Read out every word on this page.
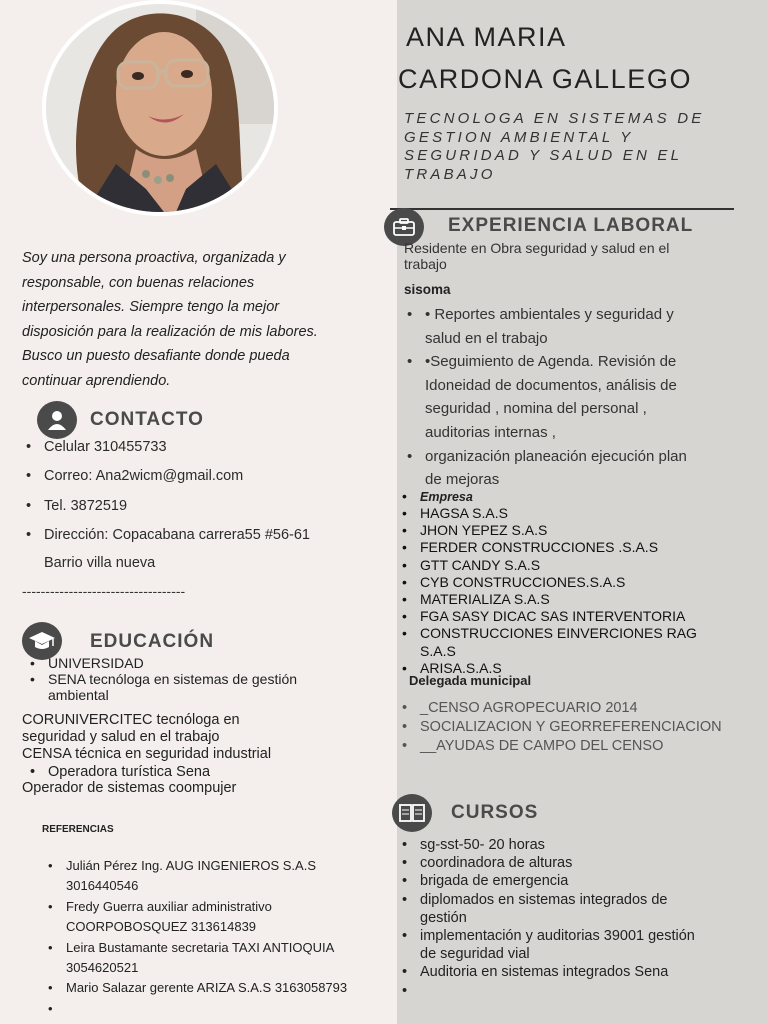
ANA MARIA
CARDONA GALLEGO
TECNOLOGA EN SISTEMAS DE
GESTION AMBIENTAL Y
SEGURIDAD Y SALUD EN EL
TRABAJO
Soy una persona proactiva, organizada y
responsable, con buenas relaciones
interpersonales. Siempre tengo la mejor
disposición para la realización de mis labores.
Busco un puesto desafiante donde pueda
continuar aprendiendo.
CONTACTO
• Celular 310455733
• Correo: Ana2wicm@gmail.com
• Tel. 3872519
• Dirección: Copacabana carrera55 #56-61
Barrio villa nueva
-----------------------------------
EDUCACIÓN
• UNIVERSIDAD
• SENA tecnóloga en sistemas de gestión
ambiental
CORUNIVERCITEC tecnóloga en
seguridad y salud en el trabajo
CENSA técnica en seguridad industrial
• Operadora turística Sena
Operador de sistemas coompujer
REFERENCIAS
• Julián Pérez Ing. AUG INGENIEROS S.A.S
3016440546
• Fredy Guerra auxiliar administrativo
COORPOBOSQUEZ 313614839
• Leira Bustamante secretaria TAXI ANTIOQUIA
3054620521
• Mario Salazar gerente ARIZA S.A.S 3163058793
•
EXPERIENCIA LABORAL
Residente en Obra seguridad y salud en el
trabajo
sisoma
• • Reportes ambientales y seguridad y
salud en el trabajo
• •Seguimiento de Agenda. Revisión de
Idoneidad de documentos, análisis de
seguridad , nomina del personal ,
auditorias internas ,
• organización planeación ejecución plan
de mejoras
• Empresa
• HAGSA S.A.S
• JHON YEPEZ S.A.S
• FERDER CONSTRUCCIONES .S.A.S
• GTT CANDY S.A.S
• CYB CONSTRUCCIONES.S.A.S
• MATERIALIZA S.A.S
• FGA SASY DICAC SAS INTERVENTORIA
• CONSTRUCCIONES EINVERCIONES RAG
S.A.S
• ARISA.S.A.S
Delegada municipal
• _CENSO AGROPECUARIO 2014
• SOCIALIZACION Y GEORREFERENCIACION
• __AYUDAS DE CAMPO DEL CENSO
CURSOS
• sg-sst-50- 20 horas
• coordinadora de alturas
• brigada de emergencia
• diplomados en sistemas integrados de
gestión
• implementación y auditorias 39001 gestión
de seguridad vial
• Auditoria en sistemas integrados Sena
•
